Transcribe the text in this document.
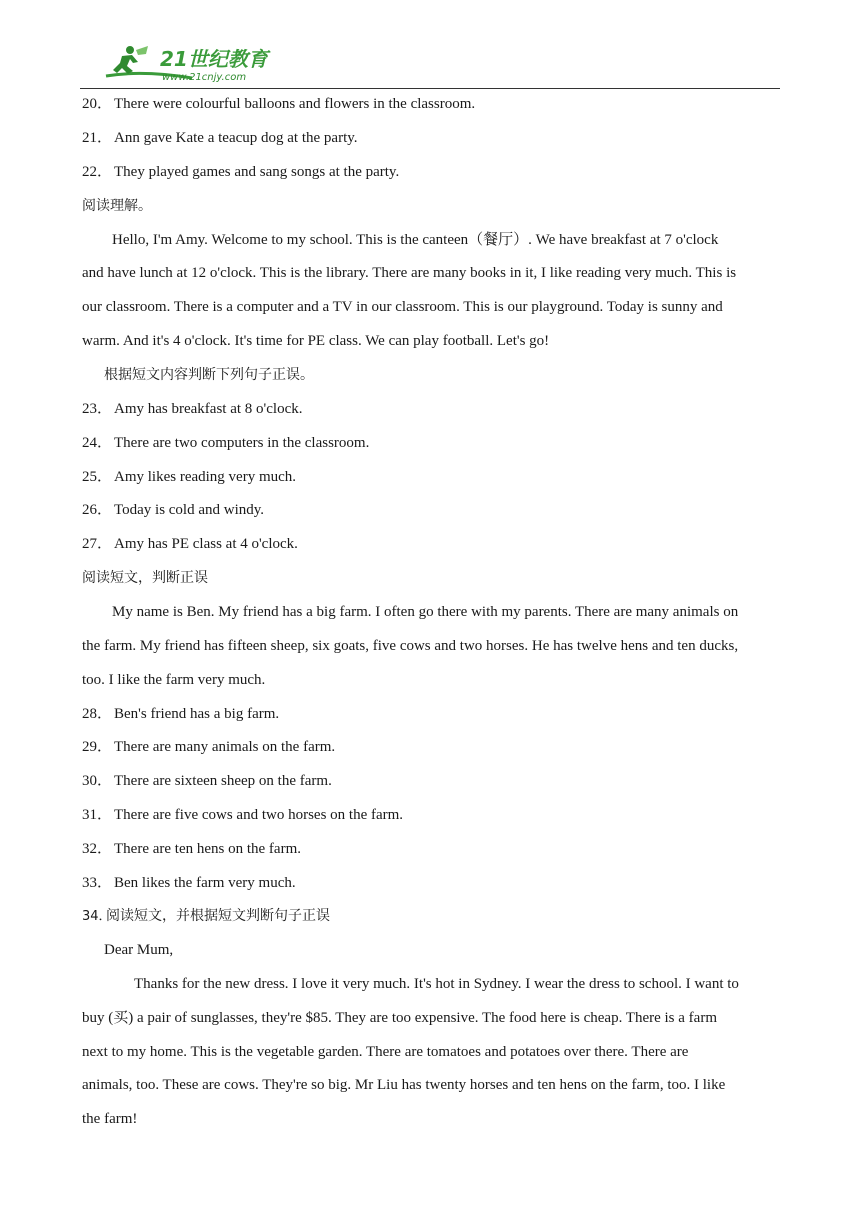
21世纪教育
www.21cnjy.com
20． There were colourful balloons and flowers in the classroom.
21． Ann gave Kate a teacup dog at the party.
22． They played games and sang songs at the party.
阅读理解。
Hello, I'm Amy. Welcome to my school. This is the canteen（餐厅）. We have breakfast at 7 o'clock
and have lunch at 12 o'clock. This is the library. There are many books in it, I like reading very much. This is
our classroom. There is a computer and a TV in our classroom. This is our playground. Today is sunny and
warm. And it's 4 o'clock. It's time for PE class. We can play football. Let's go!
根据短文内容判断下列句子正误。
23． Amy has breakfast at 8 o'clock.
24． There are two computers in the classroom.
25． Amy likes reading very much.
26． Today is cold and windy.
27． Amy has PE class at 4 o'clock.
阅读短文，判断正误
My name is Ben. My friend has a big farm. I often go there with my parents. There are many animals on
the farm. My friend has fifteen sheep, six goats, five cows and two horses. He has twelve hens and ten ducks,
too. I like the farm very much.
28． Ben's friend has a big farm.
29． There are many animals on the farm.
30． There are sixteen sheep on the farm.
31． There are five cows and two horses on the farm.
32． There are ten hens on the farm.
33． Ben likes the farm very much.
34．阅读短文，并根据短文判断句子正误
Dear Mum,
Thanks for the new dress. I love it very much. It's hot in Sydney. I wear the dress to school. I want to
buy (买) a pair of sunglasses, they're $85. They are too expensive. The food here is cheap. There is a farm
next to my home. This is the vegetable garden. There are tomatoes and potatoes over there. There are
animals, too. These are cows. They're so big. Mr Liu has twenty horses and ten hens on the farm, too. I like
the farm!
